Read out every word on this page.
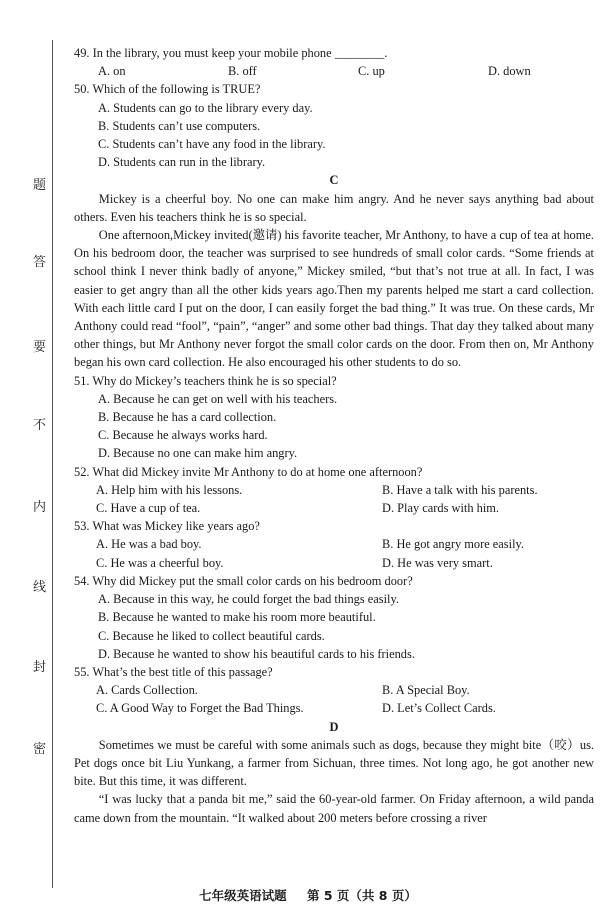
题
答
要
不
内
线
封
密

49. In the library, you must keep your mobile phone ________.

A. on	B. off	C. up	D. down

50. Which of the following is TRUE?

A. Students can go to the library every day.

B. Students can’t use computers.

C. Students can’t have any food in the library.

D. Students can run in the library.

C

Mickey is a cheerful boy. No one can make him angry. And he never says anything bad about others. Even his teachers think he is so special.

One afternoon,Mickey invited(邀请) his favorite teacher, Mr Anthony, to have a cup of tea at home. On his bedroom door, the teacher was surprised to see hundreds of small color cards. “Some friends at school think I never think badly of anyone,” Mickey smiled, “but that’s not true at all. In fact, I was easier to get angry than all the other kids years ago.Then my parents helped me start a card collection. With each little card I put on the door, I can easily forget the bad thing.” It was true. On these cards, Mr Anthony could read “fool”, “pain”, “anger” and some other bad things. That day they talked about many other things, but Mr Anthony never forgot the small color cards on the door. From then on, Mr Anthony began his own card collection. He also encouraged his other students to do so.

51. Why do Mickey’s teachers think he is so special?

A. Because he can get on well with his teachers.

B. Because he has a card collection.

C. Because he always works hard.

D. Because no one can make him angry.

52. What did Mickey invite Mr Anthony to do at home one afternoon?

A. Help him with his lessons.	B. Have a talk with his parents.
C. Have a cup of tea.	D. Play cards with him.

53. What was Mickey like years ago?

A. He was a bad boy.	B. He got angry more easily.
C. He was a cheerful boy.	D. He was very smart.

54. Why did Mickey put the small color cards on his bedroom door?

A. Because in this way, he could forget the bad things easily.

B. Because he wanted to make his room more beautiful.

C. Because he liked to collect beautiful cards.

D. Because he wanted to show his beautiful cards to his friends.

55. What’s the best title of this passage?

A. Cards Collection.	B. A Special Boy.
C. A Good Way to Forget the Bad Things.	D. Let’s Collect Cards.

D

Sometimes we must be careful with some animals such as dogs, because they might bite（咬）us. Pet dogs once bit Liu Yunkang, a farmer from Sichuan, three times. Not long ago, he got another new bite. But this time, it was different.

“I was lucky that a panda bit me,” said the 60-year-old farmer. On Friday afternoon, a wild panda came down from the mountain. “It walked about 200 meters before crossing a river

七年级英语试题 第 5 页（共 8 页）
